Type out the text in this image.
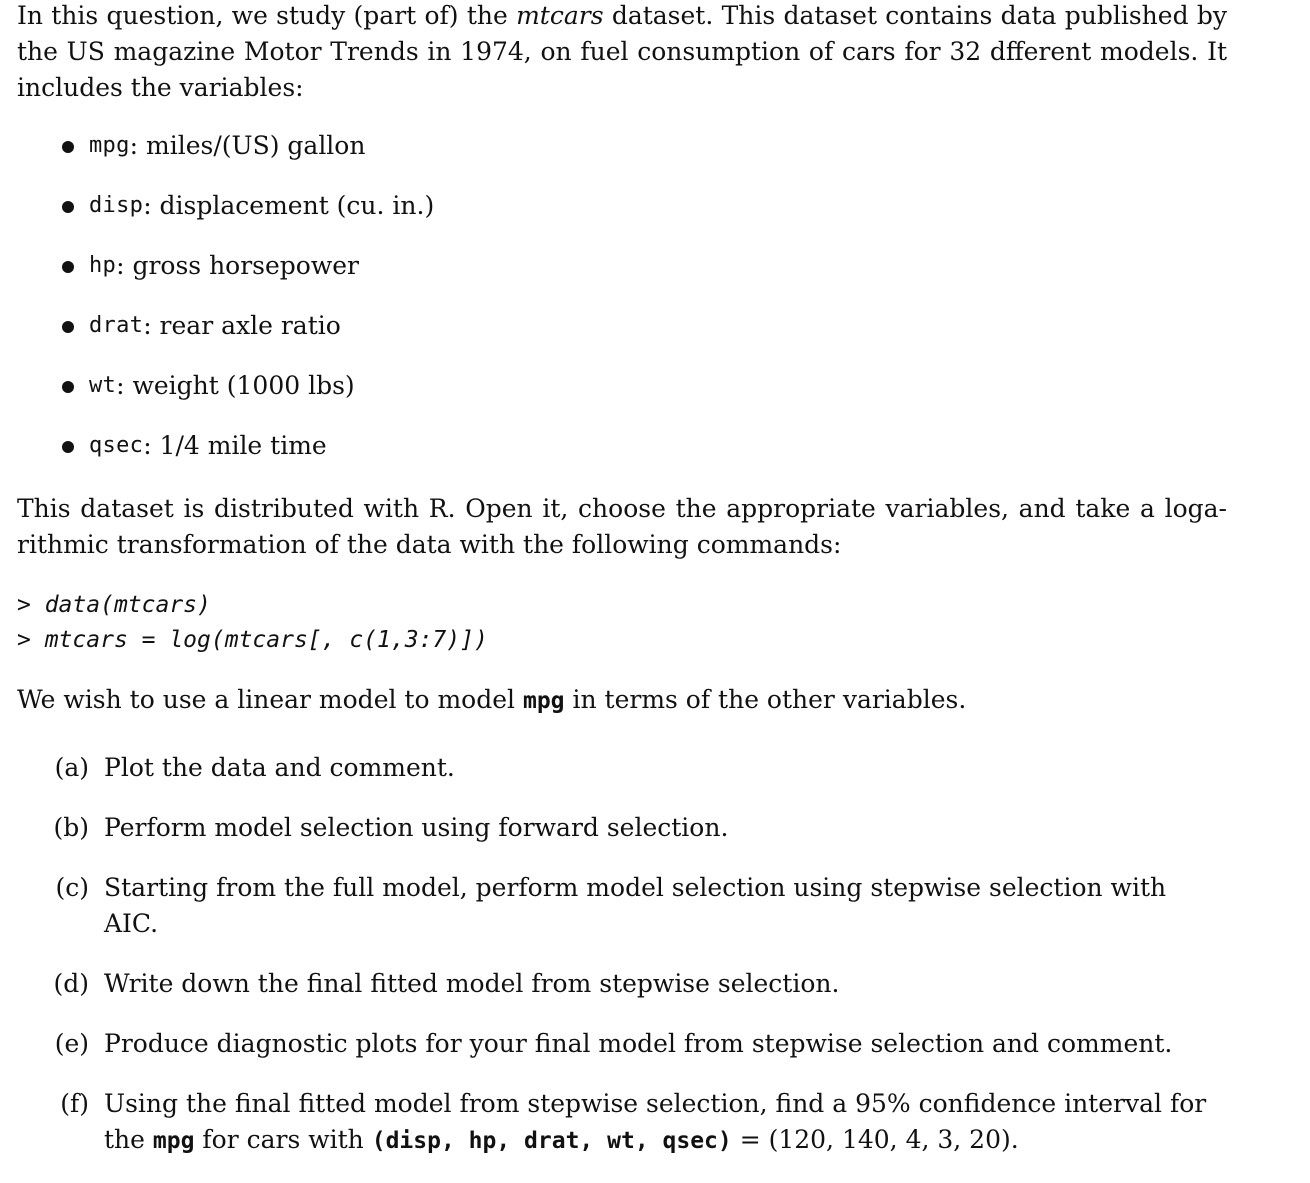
In this question, we study (part of) the mtcars dataset. This dataset contains data published by the US magazine Motor Trends in 1974, on fuel consumption of cars for 32 dfferent models. It includes the variables:

mpg : miles/(US) gallon
disp : displacement (cu. in.)
hp : gross horsepower
drat : rear axle ratio
wt : weight (1000 lbs)
qsec : 1/4 mile time

This dataset is distributed with R. Open it, choose the appropriate variables, and take a loga-rithmic transformation of the data with the following commands:

> data(mtcars)
> mtcars = log(mtcars[, c(1,3:7)])

We wish to use a linear model to model mpg in terms of the other variables.

(a) Plot the data and comment.
(b) Perform model selection using forward selection.
(c) Starting from the full model, perform model selection using stepwise selection with AIC.
(d) Write down the final fitted model from stepwise selection.
(e) Produce diagnostic plots for your final model from stepwise selection and comment.
(f) Using the final fitted model from stepwise selection, find a 95% confidence interval for the mpg for cars with (disp, hp, drat, wt, qsec) = (120, 140, 4, 3, 20).
